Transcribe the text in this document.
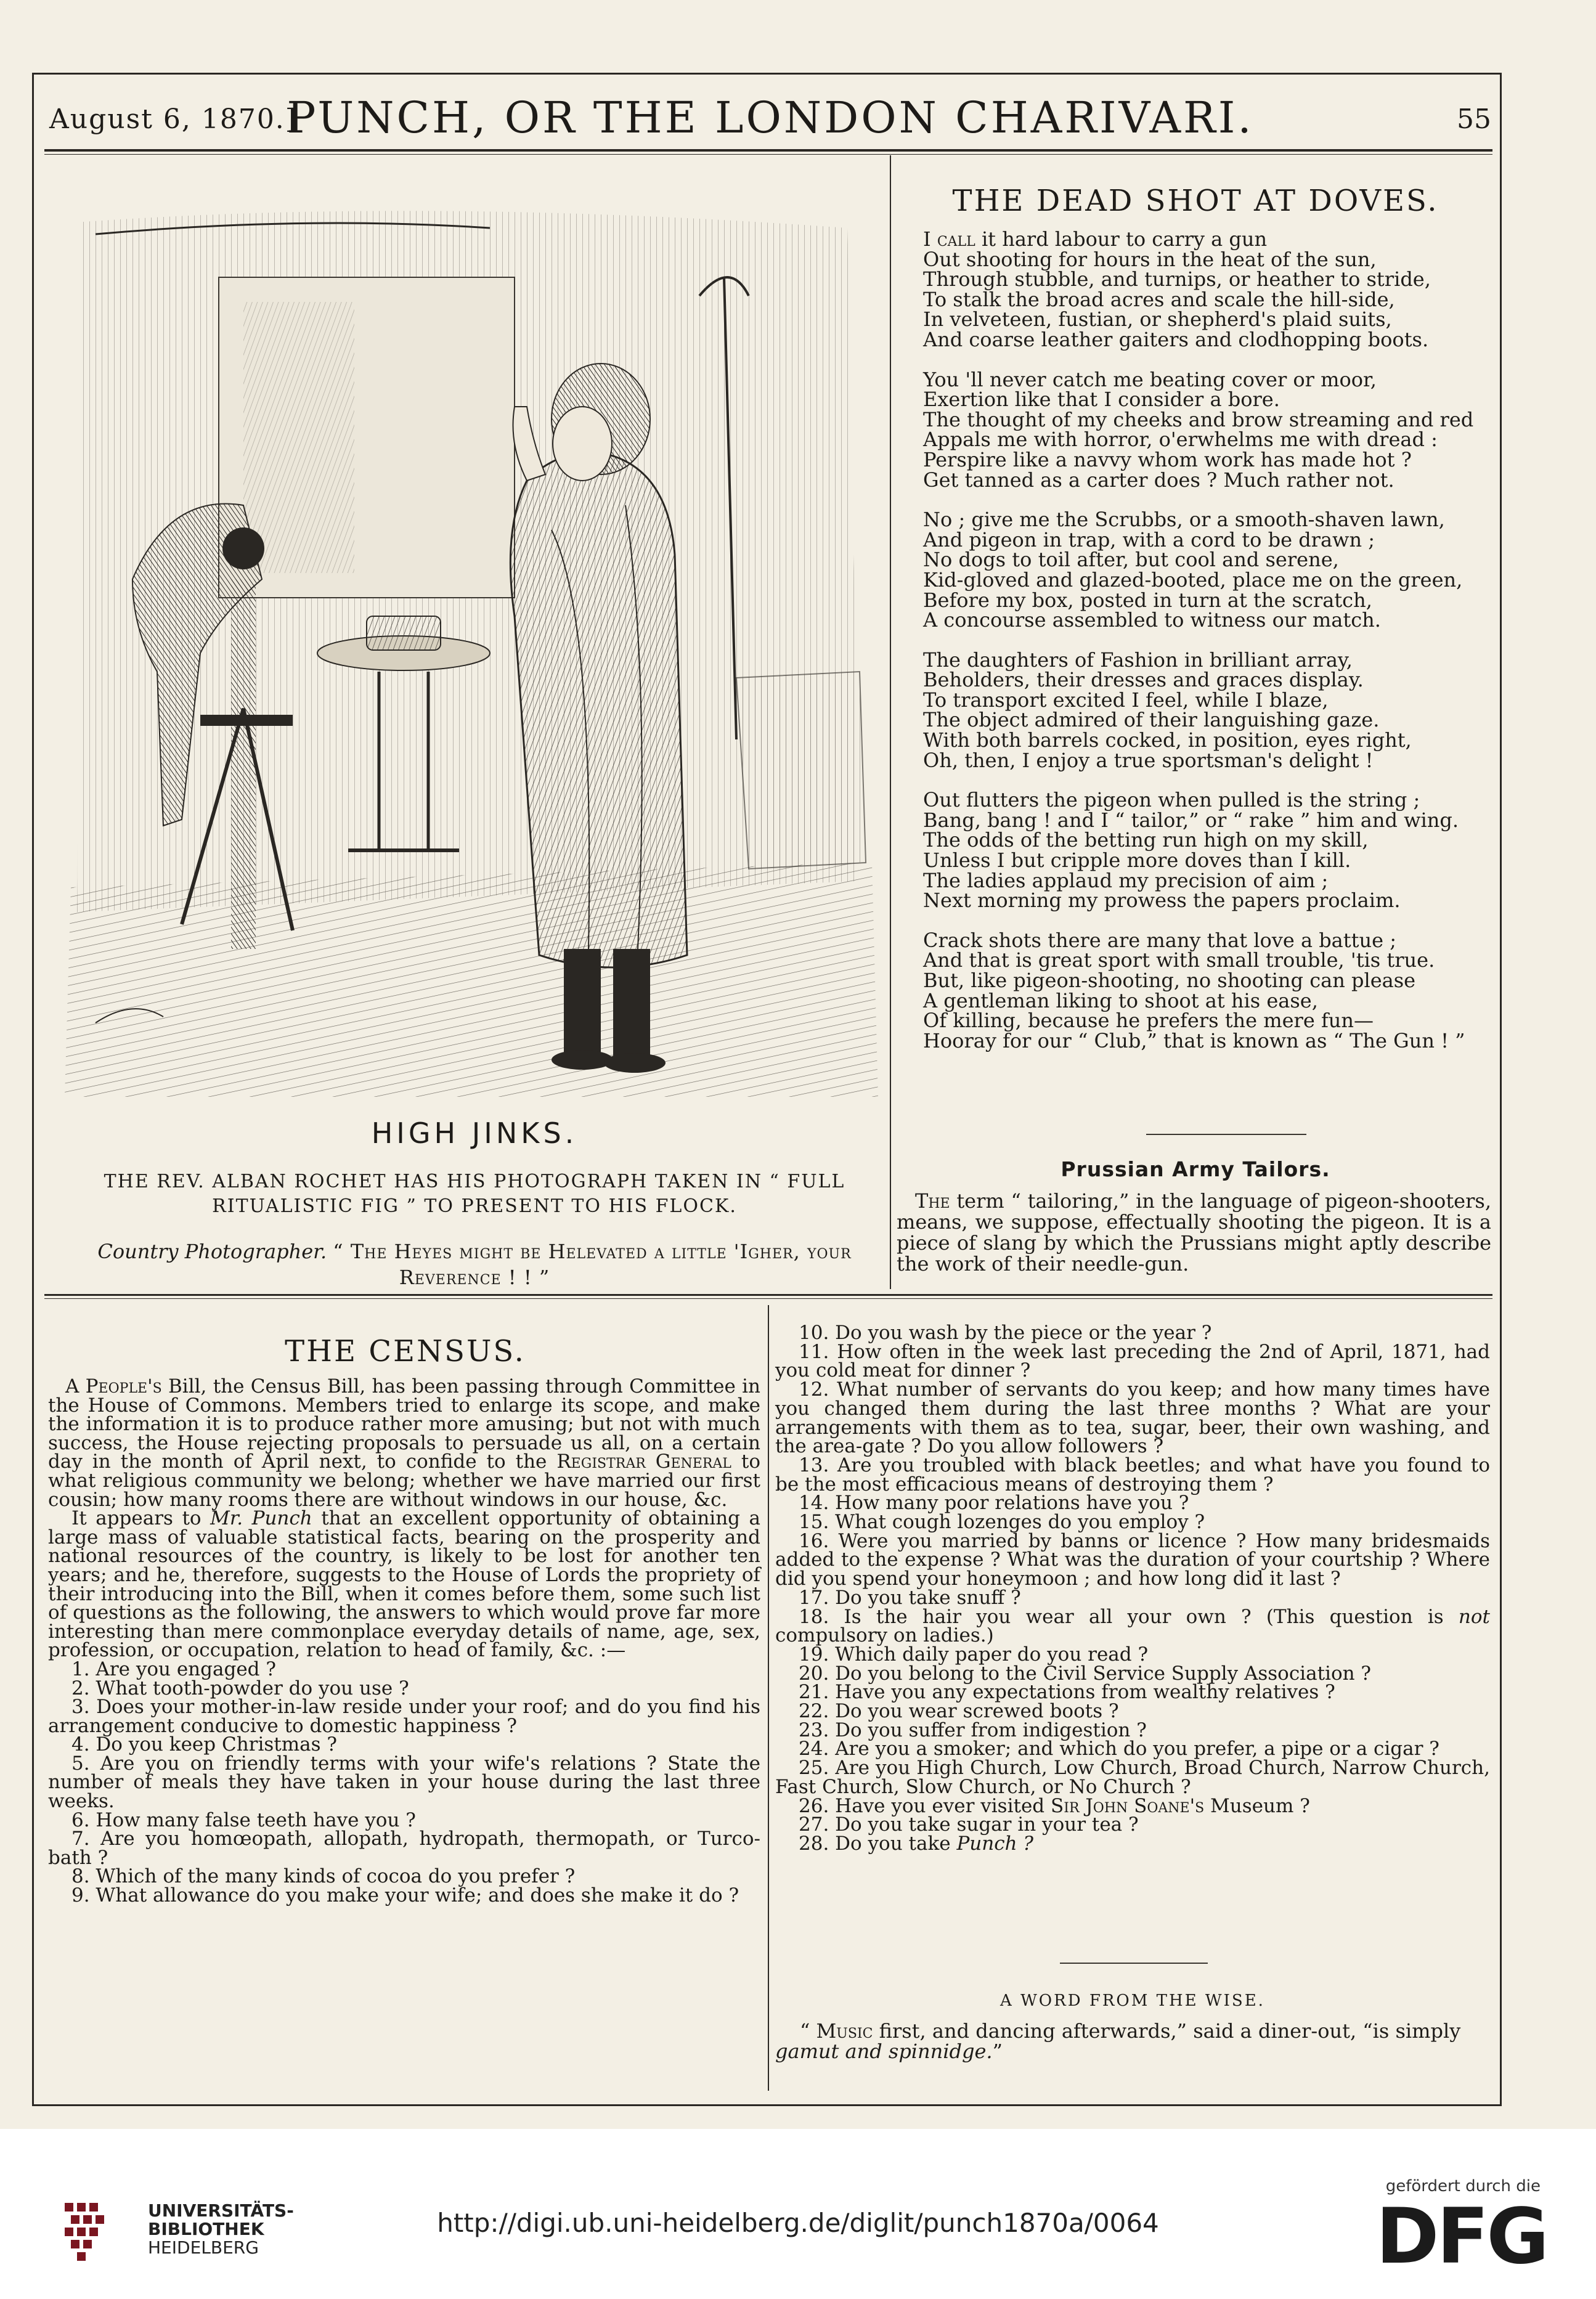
August 6, 1870.]
PUNCH, OR THE LONDON CHARIVARI.	55
HIGH JINKS.
THE REV. ALBAN ROCHET HAS HIS PHOTOGRAPH TAKEN IN “ FULL RITUALISTIC FIG ” TO PRESENT TO HIS FLOCK.
Country Photographer. “ The Heyes might be Helevated a little 'Igher, your Reverence ! ! ”
THE DEAD SHOT AT DOVES.
I call it hard labour to carry a gun
Out shooting for hours in the heat of the sun,
Through stubble, and turnips, or heather to stride,
To stalk the broad acres and scale the hill-side,
In velveteen, fustian, or shepherd's plaid suits,
And coarse leather gaiters and clodhopping boots.
You 'll never catch me beating cover or moor,
Exertion like that I consider a bore.
The thought of my cheeks and brow streaming and red
Appals me with horror, o'erwhelms me with dread :
Perspire like a navvy whom work has made hot ?
Get tanned as a carter does ? Much rather not.
No ; give me the Scrubbs, or a smooth-shaven lawn,
And pigeon in trap, with a cord to be drawn ;
No dogs to toil after, but cool and serene,
Kid-gloved and glazed-booted, place me on the green,
Before my box, posted in turn at the scratch,
A concourse assembled to witness our match.
The daughters of Fashion in brilliant array,
Beholders, their dresses and graces display.
To transport excited I feel, while I blaze,
The object admired of their languishing gaze.
With both barrels cocked, in position, eyes right,
Oh, then, I enjoy a true sportsman's delight !
Out flutters the pigeon when pulled is the string ;
Bang, bang ! and I “ tailor,” or “ rake ” him and wing.
The odds of the betting run high on my skill,
Unless I but cripple more doves than I kill.
The ladies applaud my precision of aim ;
Next morning my prowess the papers proclaim.
Crack shots there are many that love a battue ;
And that is great sport with small trouble, 'tis true.
But, like pigeon-shooting, no shooting can please
A gentleman liking to shoot at his ease,
Of killing, because he prefers the mere fun—
Hooray for our “ Club,” that is known as “ The Gun ! ”
Prussian Army Tailors.
The term “ tailoring,” in the language of pigeon-shooters, means, we suppose, effectually shooting the pigeon. It is a piece of slang by which the Prussians might aptly describe the work of their needle-gun.
THE CENSUS.

A People's Bill, the Census Bill, has been passing through Committee in the House of Commons. Members tried to enlarge its scope, and make the information it is to produce rather more amusing; but not with much success, the House rejecting proposals to persuade us all, on a certain day in the month of April next, to confide to the Registrar General to what religious community we belong; whether we have married our first cousin; how many rooms there are without windows in our house, &c.

It appears to Mr. Punch that an excellent opportunity of obtaining a large mass of valuable statistical facts, bearing on the prosperity and national resources of the country, is likely to be lost for another ten years; and he, therefore, suggests to the House of Lords the propriety of their introducing into the Bill, when it comes before them, some such list of questions as the following, the answers to which would prove far more interesting than mere commonplace everyday details of name, age, sex, profession, or occupation, relation to head of family, &c. :—

1. Are you engaged ?

2. What tooth-powder do you use ?

3. Does your mother-in-law reside under your roof; and do you find his arrangement conducive to domestic happiness ?

4. Do you keep Christmas ?

5. Are you on friendly terms with your wife's relations ? State the number of meals they have taken in your house during the last three weeks.

6. How many false teeth have you ?

7. Are you homœopath, allopath, hydropath, thermopath, or Turco-bath ?

8. Which of the many kinds of cocoa do you prefer ?

9. What allowance do you make your wife; and does she make it do ?

10. Do you wash by the piece or the year ?

11. How often in the week last preceding the 2nd of April, 1871, had you cold meat for dinner ?

12. What number of servants do you keep; and how many times have you changed them during the last three months ? What are your arrangements with them as to tea, sugar, beer, their own washing, and the area-gate ? Do you allow followers ?

13. Are you troubled with black beetles; and what have you found to be the most efficacious means of destroying them ?

14. How many poor relations have you ?

15. What cough lozenges do you employ ?

16. Were you married by banns or licence ? How many bridesmaids added to the expense ? What was the duration of your courtship ? Where did you spend your honeymoon ; and how long did it last ?

17. Do you take snuff ?

18. Is the hair you wear all your own ? (This question is not compulsory on ladies.)

19. Which daily paper do you read ?

20. Do you belong to the Civil Service Supply Association ?

21. Have you any expectations from wealthy relatives ?

22. Do you wear screwed boots ?

23. Do you suffer from indigestion ?

24. Are you a smoker; and which do you prefer, a pipe or a cigar ?

25. Are you High Church, Low Church, Broad Church, Narrow Church, Fast Church, Slow Church, or No Church ?

26. Have you ever visited Sir John Soane's Museum ?

27. Do you take sugar in your tea ?

28. Do you take Punch ?

A WORD FROM THE WISE.
“ Music first, and dancing afterwards,” said a diner-out, “is simply gamut and spinnidge.”
UNIVERSITÄTS-
BIBLIOTHEK
HEIDELBERG
http://digi.ub.uni-heidelberg.de/diglit/punch1870a/0064
gefördert durch die
DFG
